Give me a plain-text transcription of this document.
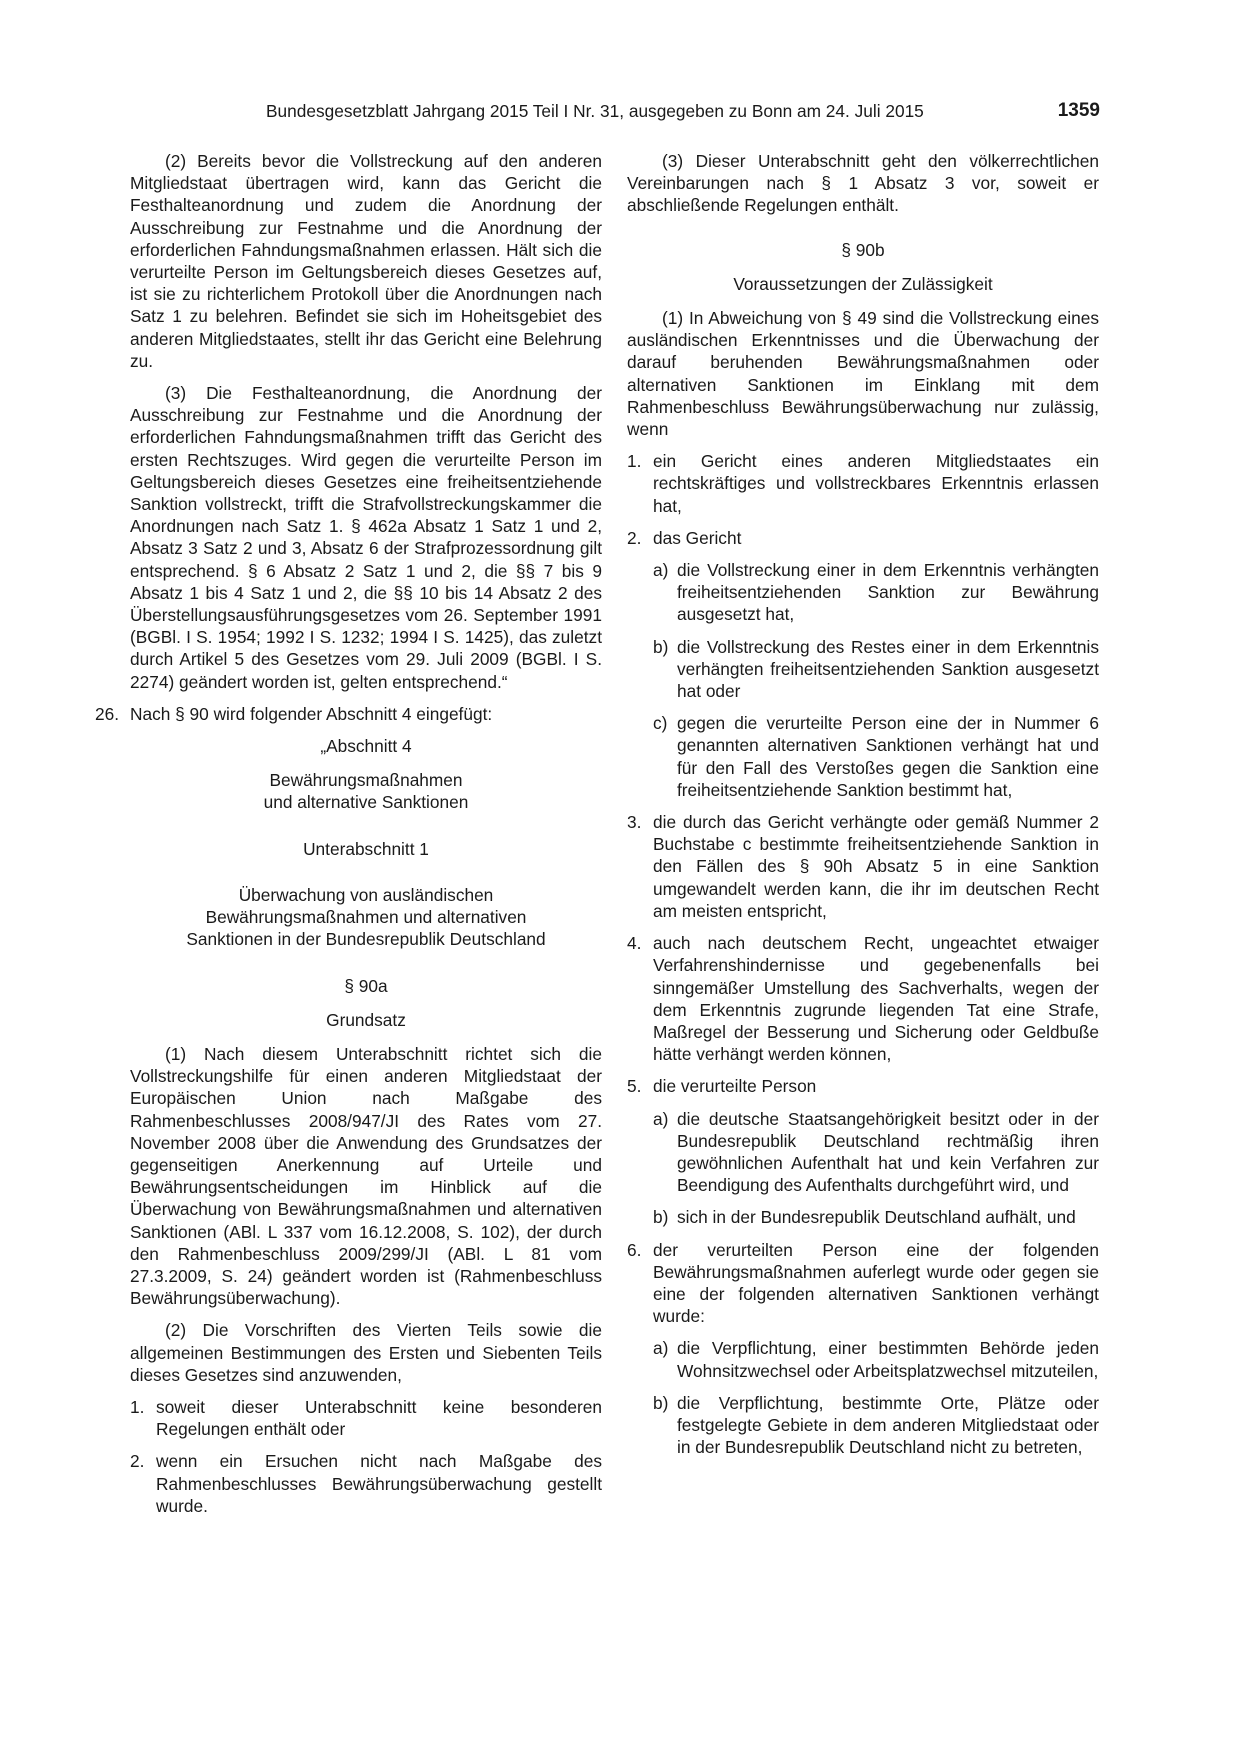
Bundesgesetzblatt Jahrgang 2015 Teil I Nr. 31, ausgegeben zu Bonn am 24. Juli 2015	1359

(2) Bereits bevor die Vollstreckung auf den anderen Mitgliedstaat übertragen wird, kann das Gericht die Festhalteanordnung und zudem die Anordnung der Ausschreibung zur Festnahme und die Anordnung der erforderlichen Fahndungsmaßnahmen erlassen. Hält sich die verurteilte Person im Geltungsbereich dieses Gesetzes auf, ist sie zu richterlichem Protokoll über die Anordnungen nach Satz 1 zu belehren. Befindet sie sich im Hoheitsgebiet des anderen Mitgliedstaates, stellt ihr das Gericht eine Belehrung zu.

(3) Die Festhalteanordnung, die Anordnung der Ausschreibung zur Festnahme und die Anordnung der erforderlichen Fahndungsmaßnahmen trifft das Gericht des ersten Rechtszuges. Wird gegen die verurteilte Person im Geltungsbereich dieses Gesetzes eine freiheitsentziehende Sanktion vollstreckt, trifft die Strafvollstreckungskammer die Anordnungen nach Satz 1. § 462a Absatz 1 Satz 1 und 2, Absatz 3 Satz 2 und 3, Absatz 6 der Strafprozessordnung gilt entsprechend. § 6 Absatz 2 Satz 1 und 2, die §§ 7 bis 9 Absatz 1 bis 4 Satz 1 und 2, die §§ 10 bis 14 Absatz 2 des Überstellungsausführungsgesetzes vom 26. September 1991 (BGBl. I S. 1954; 1992 I S. 1232; 1994 I S. 1425), das zuletzt durch Artikel 5 des Gesetzes vom 29. Juli 2009 (BGBl. I S. 2274) geändert worden ist, gelten entsprechend.“

26. Nach § 90 wird folgender Abschnitt 4 eingefügt:

„Abschnitt 4

Bewährungsmaßnahmen

und alternative Sanktionen

Unterabschnitt 1

Überwachung von ausländischen

Bewährungsmaßnahmen und alternativen

Sanktionen in der Bundesrepublik Deutschland

§ 90a

Grundsatz

(1) Nach diesem Unterabschnitt richtet sich die Vollstreckungshilfe für einen anderen Mitgliedstaat der Europäischen Union nach Maßgabe des Rahmenbeschlusses 2008/947/JI des Rates vom 27. November 2008 über die Anwendung des Grundsatzes der gegenseitigen Anerkennung auf Urteile und Bewährungsentscheidungen im Hinblick auf die Überwachung von Bewährungsmaßnahmen und alternativen Sanktionen (ABl. L 337 vom 16.12.2008, S. 102), der durch den Rahmenbeschluss 2009/299/JI (ABl. L 81 vom 27.3.2009, S. 24) geändert worden ist (Rahmenbeschluss Bewährungsüberwachung).

(2) Die Vorschriften des Vierten Teils sowie die allgemeinen Bestimmungen des Ersten und Siebenten Teils dieses Gesetzes sind anzuwenden,

1. soweit dieser Unterabschnitt keine besonderen Regelungen enthält oder
2. wenn ein Ersuchen nicht nach Maßgabe des Rahmenbeschlusses Bewährungsüberwachung gestellt wurde.

(3) Dieser Unterabschnitt geht den völkerrechtlichen Vereinbarungen nach § 1 Absatz 3 vor, soweit er abschließende Regelungen enthält.

§ 90b

Voraussetzungen der Zulässigkeit

(1) In Abweichung von § 49 sind die Vollstreckung eines ausländischen Erkenntnisses und die Überwachung der darauf beruhenden Bewährungsmaßnahmen oder alternativen Sanktionen im Einklang mit dem Rahmenbeschluss Bewährungsüberwachung nur zulässig, wenn

1. ein Gericht eines anderen Mitgliedstaates ein rechtskräftiges und vollstreckbares Erkenntnis erlassen hat,
2. das Gericht
a) die Vollstreckung einer in dem Erkenntnis verhängten freiheitsentziehenden Sanktion zur Bewährung ausgesetzt hat,
b) die Vollstreckung des Restes einer in dem Erkenntnis verhängten freiheitsentziehenden Sanktion ausgesetzt hat oder
c) gegen die verurteilte Person eine der in Nummer 6 genannten alternativen Sanktionen verhängt hat und für den Fall des Verstoßes gegen die Sanktion eine freiheitsentziehende Sanktion bestimmt hat,
3. die durch das Gericht verhängte oder gemäß Nummer 2 Buchstabe c bestimmte freiheitsentziehende Sanktion in den Fällen des § 90h Absatz 5 in eine Sanktion umgewandelt werden kann, die ihr im deutschen Recht am meisten entspricht,
4. auch nach deutschem Recht, ungeachtet etwaiger Verfahrenshindernisse und gegebenenfalls bei sinngemäßer Umstellung des Sachverhalts, wegen der dem Erkenntnis zugrunde liegenden Tat eine Strafe, Maßregel der Besserung und Sicherung oder Geldbuße hätte verhängt werden können,
5. die verurteilte Person
a) die deutsche Staatsangehörigkeit besitzt oder in der Bundesrepublik Deutschland rechtmäßig ihren gewöhnlichen Aufenthalt hat und kein Verfahren zur Beendigung des Aufenthalts durchgeführt wird, und
b) sich in der Bundesrepublik Deutschland aufhält, und
6. der verurteilten Person eine der folgenden Bewährungsmaßnahmen auferlegt wurde oder gegen sie eine der folgenden alternativen Sanktionen verhängt wurde:
a) die Verpflichtung, einer bestimmten Behörde jeden Wohnsitzwechsel oder Arbeitsplatzwechsel mitzuteilen,
b) die Verpflichtung, bestimmte Orte, Plätze oder festgelegte Gebiete in dem anderen Mitgliedstaat oder in der Bundesrepublik Deutschland nicht zu betreten,
